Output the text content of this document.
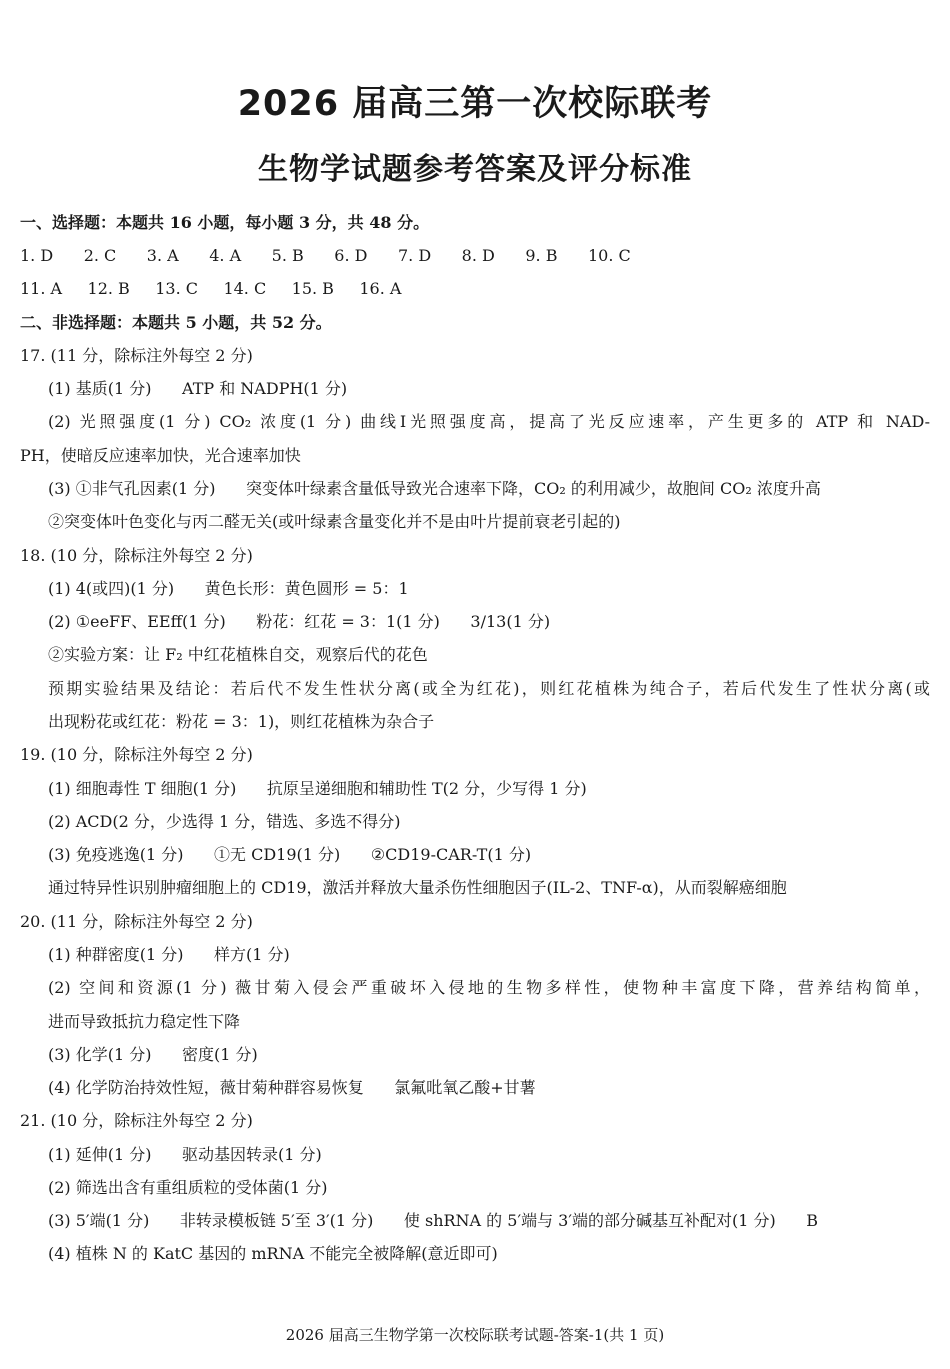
2026 届高三第一次校际联考
生物学试题参考答案及评分标准
一、选择题：本题共 16 小题，每小题 3 分，共 48 分。
1. D      2. C      3. A      4. A      5. B      6. D      7. D      8. D      9. B      10. C
11. A     12. B     13. C     14. C     15. B     16. A
二、非选择题：本题共 5 小题，共 52 分。
17. (11 分，除标注外每空 2 分)
(1) 基质(1 分)      ATP 和 NADPH(1 分)
(2) 光照强度(1 分) CO₂ 浓度(1 分) 曲线Ⅰ光照强度高，提高了光反应速率，产生更多的 ATP 和 NAD-
PH，使暗反应速率加快，光合速率加快
(3) ①非气孔因素(1 分)      突变体叶绿素含量低导致光合速率下降，CO₂ 的利用减少，故胞间 CO₂ 浓度升高
②突变体叶色变化与丙二醛无关(或叶绿素含量变化并不是由叶片提前衰老引起的)
18. (10 分，除标注外每空 2 分)
(1) 4(或四)(1 分)      黄色长形：黄色圆形 = 5：1
(2) ①eeFF、EEff(1 分)      粉花：红花 = 3：1(1 分)      3/13(1 分)
②实验方案：让 F₂ 中红花植株自交，观察后代的花色
预期实验结果及结论：若后代不发生性状分离(或全为红花)，则红花植株为纯合子，若后代发生了性状分离(或
出现粉花或红花：粉花 = 3：1)，则红花植株为杂合子
19. (10 分，除标注外每空 2 分)
(1) 细胞毒性 T 细胞(1 分)      抗原呈递细胞和辅助性 T(2 分，少写得 1 分)
(2) ACD(2 分，少选得 1 分，错选、多选不得分)
(3) 免疫逃逸(1 分)      ①无 CD19(1 分)      ②CD19-CAR-T(1 分)
通过特异性识别肿瘤细胞上的 CD19，激活并释放大量杀伤性细胞因子(IL-2、TNF-α)，从而裂解癌细胞
20. (11 分，除标注外每空 2 分)
(1) 种群密度(1 分)      样方(1 分)
(2) 空间和资源(1 分) 薇甘菊入侵会严重破坏入侵地的生物多样性，使物种丰富度下降，营养结构简单，
进而导致抵抗力稳定性下降
(3) 化学(1 分)      密度(1 分)
(4) 化学防治持效性短，薇甘菊种群容易恢复      氯氟吡氧乙酸+甘薯
21. (10 分，除标注外每空 2 分)
(1) 延伸(1 分)      驱动基因转录(1 分)
(2) 筛选出含有重组质粒的受体菌(1 分)
(3) 5′端(1 分)      非转录模板链 5′至 3′(1 分)      使 shRNA 的 5′端与 3′端的部分碱基互补配对(1 分)      B
(4) 植株 N 的 KatC 基因的 mRNA 不能完全被降解(意近即可)
2026 届高三生物学第一次校际联考试题-答案-1(共 1 页)
